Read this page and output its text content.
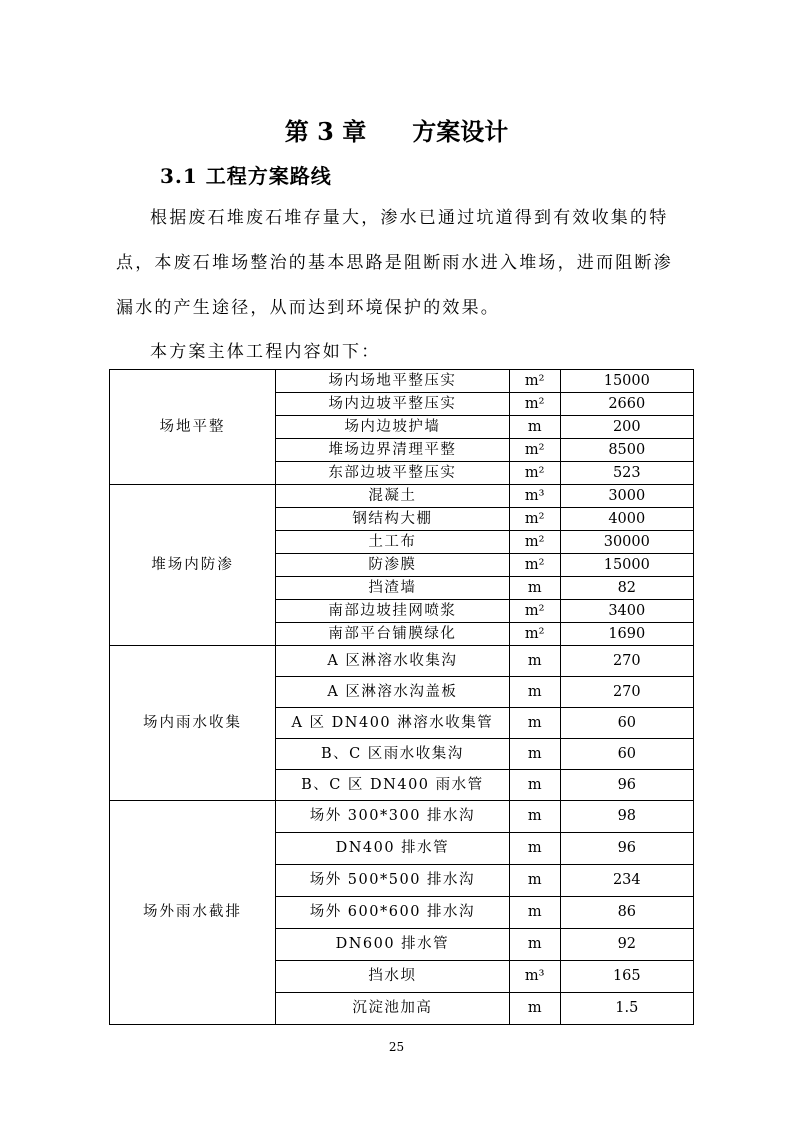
第 3 章 方案设计
3.1 工程方案路线
根据废石堆废石堆存量大，渗水已通过坑道得到有效收集的特点，本废石堆场整治的基本思路是阻断雨水进入堆场，进而阻断渗漏水的产生途径，从而达到环境保护的效果。
本方案主体工程内容如下：
场地平整	场内场地平整压实	m²	15000
	场内边坡平整压实	m²	2660
	场内边坡护墙	m	200
	堆场边界清理平整	m²	8500
	东部边坡平整压实	m²	523
堆场内防渗	混凝土	m³	3000
	钢结构大棚	m²	4000
	土工布	m²	30000
	防渗膜	m²	15000
	挡渣墙	m	82
	南部边坡挂网喷浆	m²	3400
	南部平台铺膜绿化	m²	1690
场内雨水收集	A 区淋溶水收集沟	m	270
	A 区淋溶水沟盖板	m	270
	A 区 DN400 淋溶水收集管	m	60
	B、C 区雨水收集沟	m	60
	B、C 区 DN400 雨水管	m	96
场外雨水截排	场外 300*300 排水沟	m	98
	DN400 排水管	m	96
	场外 500*500 排水沟	m	234
	场外 600*600 排水沟	m	86
	DN600 排水管	m	92
	挡水坝	m³	165
	沉淀池加高	m	1.5
25
